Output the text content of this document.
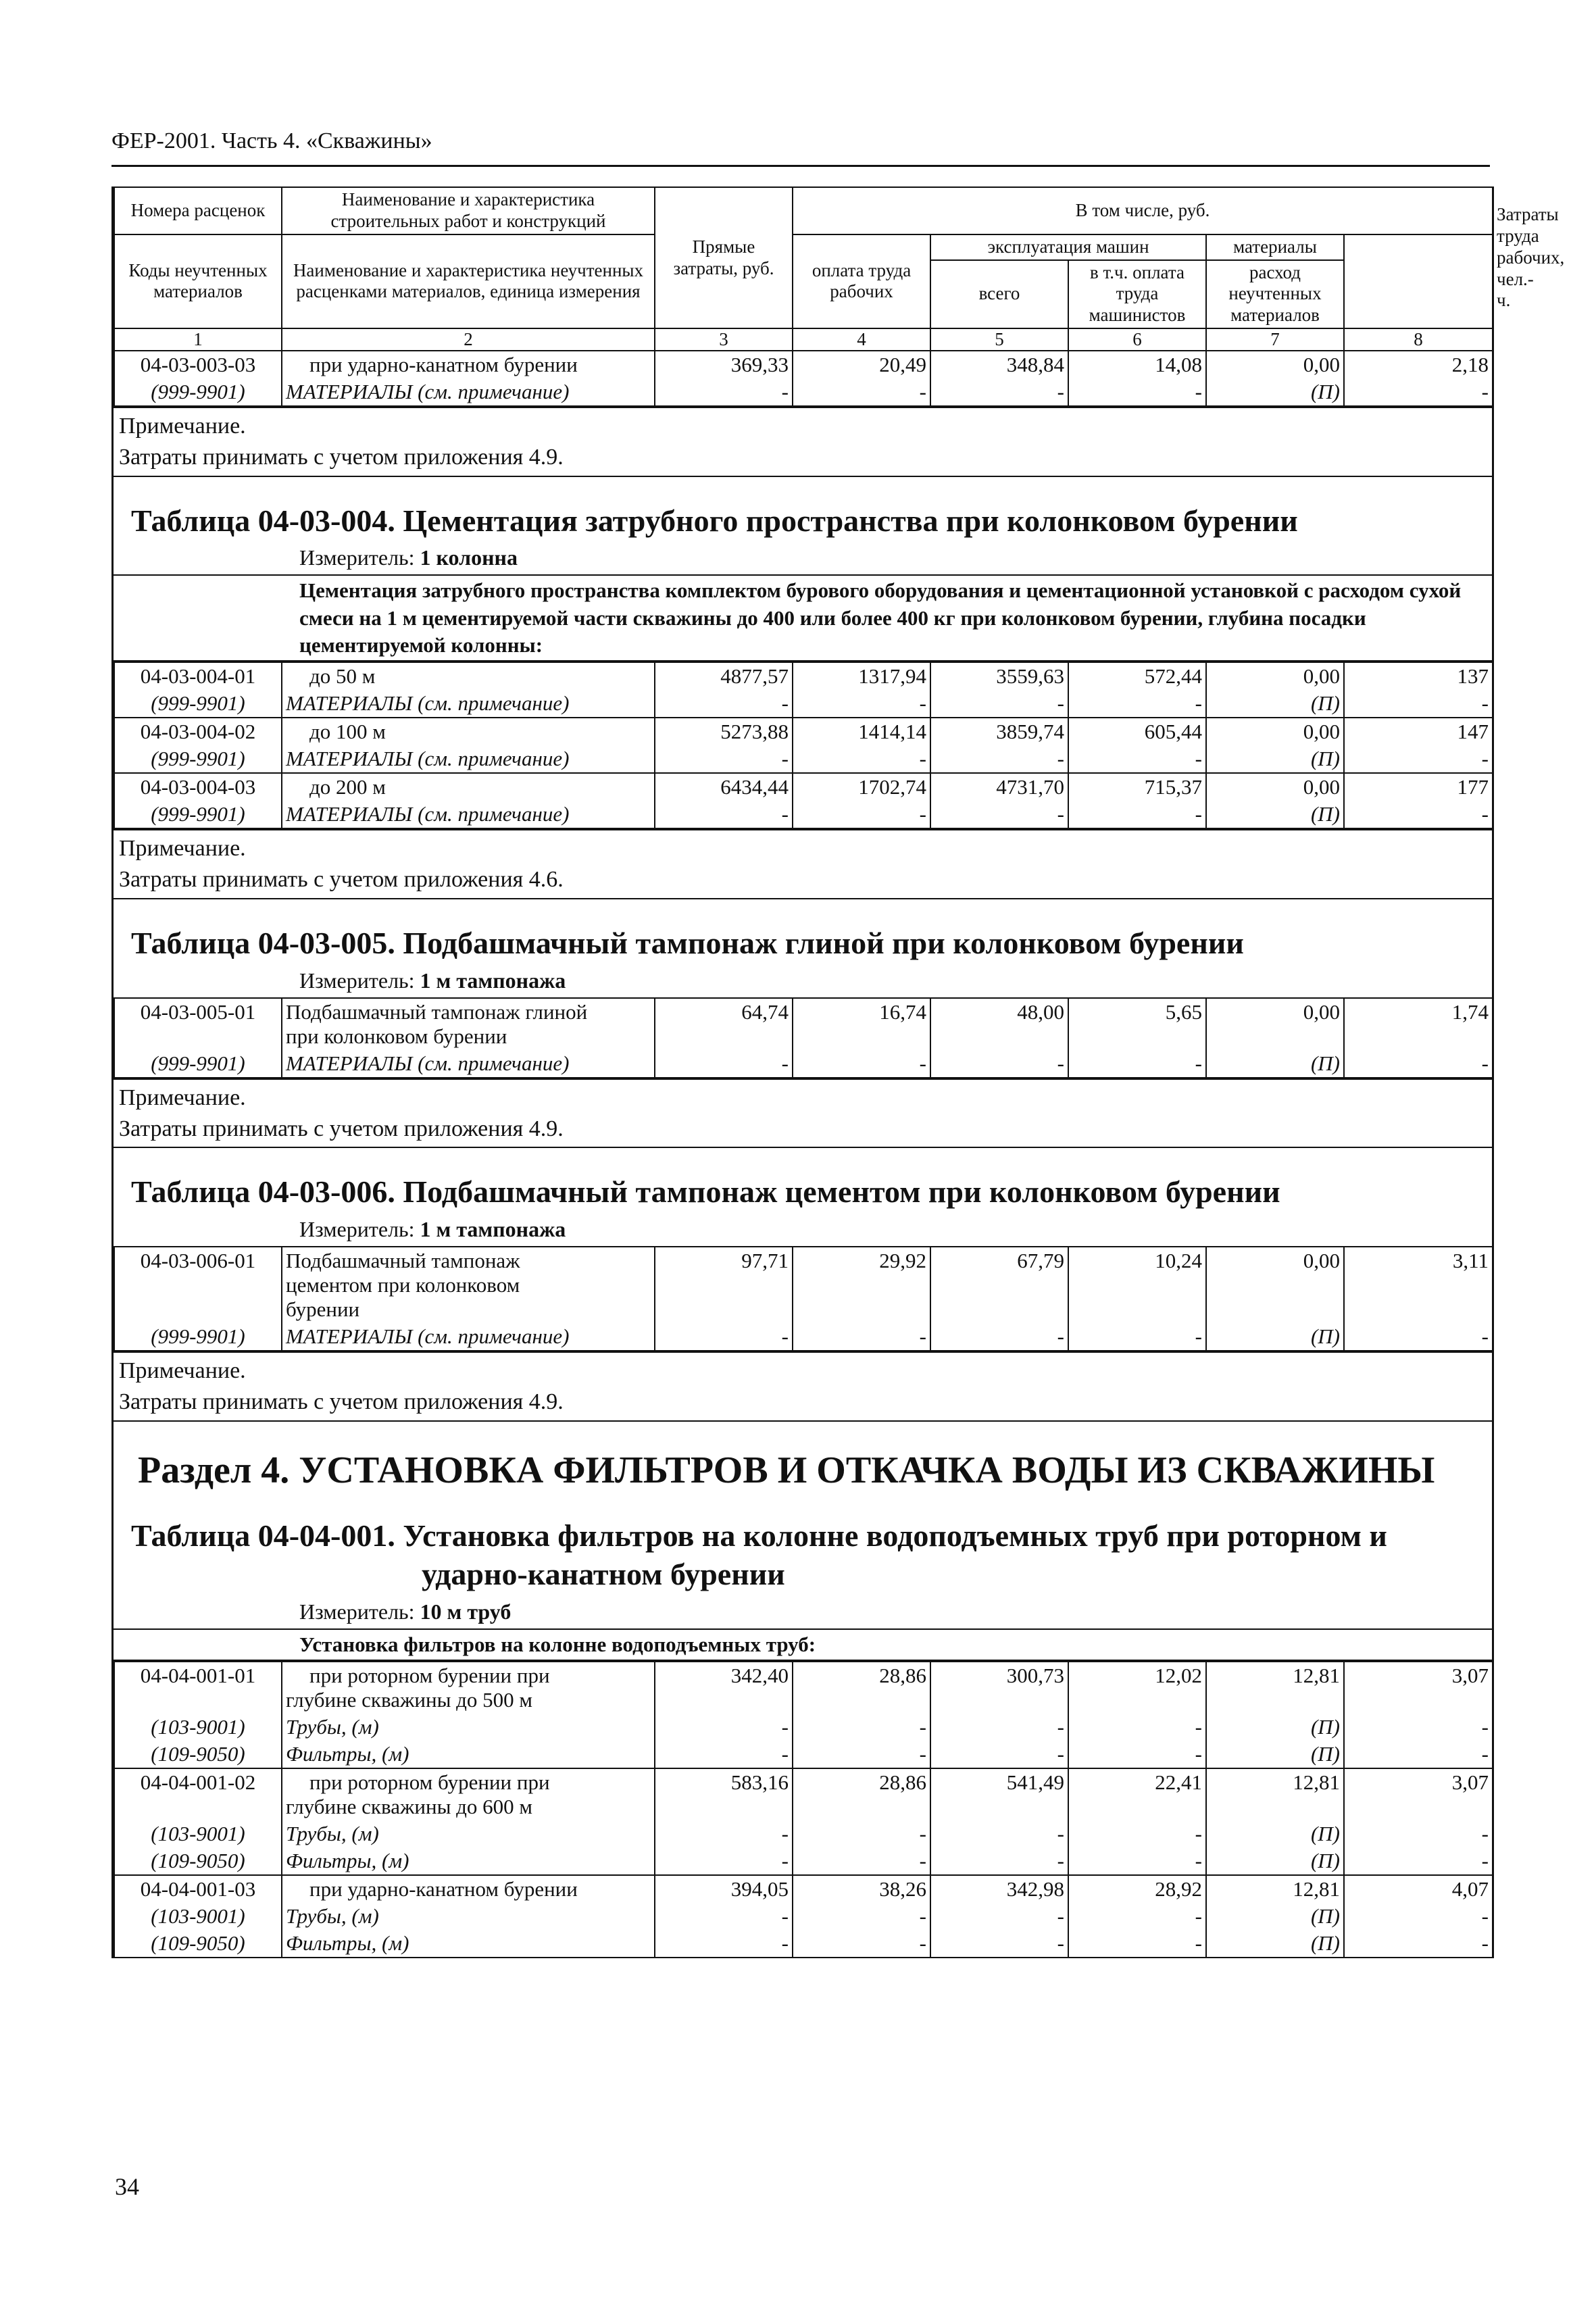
ФЕР-2001. Часть 4. «Скважины»
Номера расценок	Наименование и характеристика строительных работ и конструкций	Прямые затраты, руб.	В том числе, руб.					Затраты труда рабочих, чел.-ч.
Коды неучтенных материалов	Наименование и характеристика неучтенных расценками материалов, единица измерения		оплата труда рабочих	эксплуатация машин		материалы	
				всего	в т.ч. оплата труда машинистов	расход неучтенных материалов		
1	2	3	4	5	6	7	8	
04-03-003-03	при ударно-канатном бурении	369,33	20,49	348,84	14,08	0,00	2,18	
(999-9901)	МАТЕРИАЛЫ (см. примечание)	-	-	-	-	(П)	-	
Примечание.
Затраты принимать с учетом приложения 4.9.
Таблица 04-03-004. Цементация затрубного пространства при колонковом бурении
Измеритель: 1 колонна
Цементация затрубного пространства комплектом бурового оборудования и цементационной установкой с расходом сухой смеси на 1 м цементируемой части скважины до 400 или более 400 кг при колонковом бурении, глубина посадки цементируемой колонны:
04-03-004-01	до 50 м	4877,57	1317,94	3559,63	572,44	0,00	137
(999-9901)	МАТЕРИАЛЫ (см. примечание)	-	-	-	-	(П)	-
04-03-004-02	до 100 м	5273,88	1414,14	3859,74	605,44	0,00	147
(999-9901)	МАТЕРИАЛЫ (см. примечание)	-	-	-	-	(П)	-
04-03-004-03	до 200 м	6434,44	1702,74	4731,70	715,37	0,00	177
(999-9901)	МАТЕРИАЛЫ (см. примечание)	-	-	-	-	(П)	-
Примечание.
Затраты принимать с учетом приложения 4.6.
Таблица 04-03-005. Подбашмачный тампонаж глиной при колонковом бурении
Измеритель: 1 м тампонажа
04-03-005-01	Подбашмачный тампонаж глиной
при колонковом бурении	64,74	16,74	48,00	5,65	0,00	1,74
(999-9901)	МАТЕРИАЛЫ (см. примечание)	-	-	-	-	(П)	-
Примечание.
Затраты принимать с учетом приложения 4.9.
Таблица 04-03-006. Подбашмачный тампонаж цементом при колонковом бурении
Измеритель: 1 м тампонажа
04-03-006-01	Подбашмачный тампонаж
цементом при колонковом
бурении	97,71	29,92	67,79	10,24	0,00	3,11
(999-9901)	МАТЕРИАЛЫ (см. примечание)	-	-	-	-	(П)	-
Примечание.
Затраты принимать с учетом приложения 4.9.
Раздел 4. УСТАНОВКА ФИЛЬТРОВ И ОТКАЧКА ВОДЫ ИЗ СКВАЖИНЫ
Таблица 04-04-001. Установка фильтров на колонне водоподъемных труб при роторном и
ударно-канатном бурении
Измеритель: 10 м труб
Установка фильтров на колонне водоподъемных труб:
04-04-001-01	при роторном бурении при
глубине скважины до 500 м	342,40	28,86	300,73	12,02	12,81	3,07
(103-9001)	Трубы, (м)	-	-	-	-	(П)	-
(109-9050)	Фильтры, (м)	-	-	-	-	(П)	-
04-04-001-02	при роторном бурении при
глубине скважины до 600 м	583,16	28,86	541,49	22,41	12,81	3,07
(103-9001)	Трубы, (м)	-	-	-	-	(П)	-
(109-9050)	Фильтры, (м)	-	-	-	-	(П)	-
04-04-001-03	при ударно-канатном бурении	394,05	38,26	342,98	28,92	12,81	4,07
(103-9001)	Трубы, (м)	-	-	-	-	(П)	-
(109-9050)	Фильтры, (м)	-	-	-	-	(П)	-
34
